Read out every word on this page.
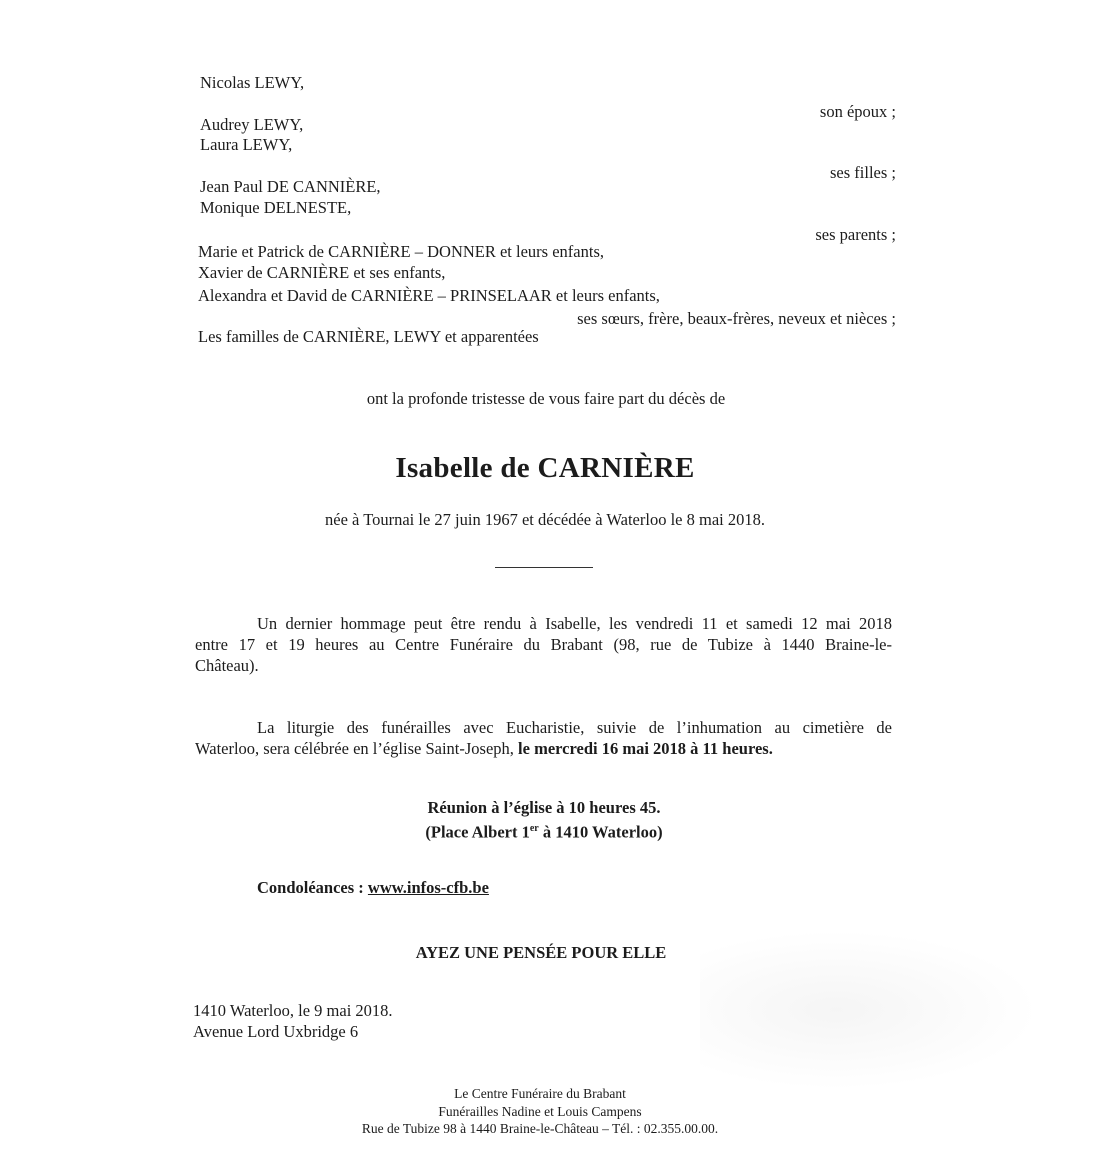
Nicolas LEWY,
son époux ;
Audrey LEWY,
Laura LEWY,
ses filles ;
Jean Paul DE CANNIÈRE,
Monique DELNESTE,
ses parents ;
Marie et Patrick de CARNIÈRE – DONNER et leurs enfants,
Xavier de CARNIÈRE et ses enfants,
Alexandra et David de CARNIÈRE – PRINSELAAR et leurs enfants,
ses sœurs, frère, beaux-frères, neveux et nièces ;
Les familles de CARNIÈRE, LEWY et apparentées
ont la profonde tristesse de vous faire part du décès de
Isabelle de CARNIÈRE
née à Tournai le 27 juin 1967 et décédée à Waterloo le 8 mai 2018.
Un dernier hommage peut être rendu à Isabelle, les vendredi 11 et samedi 12 mai 2018
entre 17 et 19 heures au Centre Funéraire du Brabant (98, rue de Tubize à 1440 Braine-le-
Château).
La liturgie des funérailles avec Eucharistie, suivie de l’inhumation au cimetière de
Waterloo, sera célébrée en l’église Saint-Joseph, le mercredi 16 mai 2018 à 11 heures.
Réunion à l’église à 10 heures 45.
(Place Albert 1er à 1410 Waterloo)
Condoléances : www.infos-cfb.be
AYEZ UNE PENSÉE POUR ELLE
1410 Waterloo, le 9 mai 2018.
Avenue Lord Uxbridge 6
Le Centre Funéraire du Brabant
Funérailles Nadine et Louis Campens
Rue de Tubize 98 à 1440 Braine-le-Château – Tél. : 02.355.00.00.
